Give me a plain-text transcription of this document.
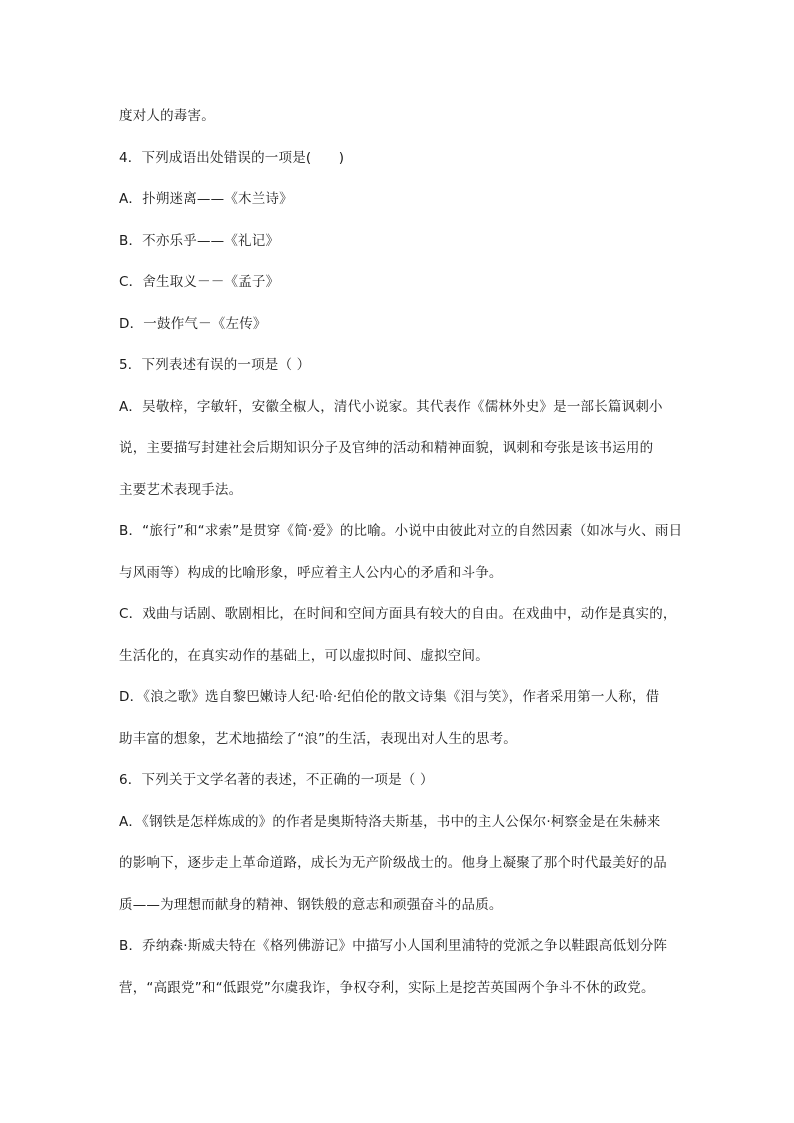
度对人的毒害。
4．下列成语出处错误的一项是(　　)
A．扑朔迷离——《木兰诗》
B．不亦乐乎——《礼记》
C．舍生取义－－《孟子》
D．一鼓作气－《左传》
5．下列表述有误的一项是（ ）
A．吴敬梓，字敏轩，安徽全椒人，清代小说家。其代表作《儒林外史》是一部长篇讽刺小
说，主要描写封建社会后期知识分子及官绅的活动和精神面貌，讽刺和夸张是该书运用的
主要艺术表现手法。
B．“旅行”和“求索”是贯穿《简·爱》的比喻。小说中由彼此对立的自然因素（如冰与火、雨日
与风雨等）构成的比喻形象，呼应着主人公内心的矛盾和斗争。
C．戏曲与话剧、歌剧相比，在时间和空间方面具有较大的自由。在戏曲中，动作是真实的，
生活化的，在真实动作的基础上，可以虚拟时间、虚拟空间。
D．《浪之歌》选自黎巴嫩诗人纪·哈·纪伯伦的散文诗集《泪与笑》，作者采用第一人称，借
助丰富的想象，艺术地描绘了“浪”的生活，表现出对人生的思考。
6．下列关于文学名著的表述，不正确的一项是（ ）
A．《钢铁是怎样炼成的》的作者是奥斯特洛夫斯基，书中的主人公保尔·柯察金是在朱赫来
的影响下，逐步走上革命道路，成长为无产阶级战士的。他身上凝聚了那个时代最美好的品
质——为理想而献身的精神、钢铁般的意志和顽强奋斗的品质。
B．乔纳森·斯威夫特在《格列佛游记》中描写小人国利里浦特的党派之争以鞋跟高低划分阵
营，“高跟党”和“低跟党”尔虞我诈，争权夺利，实际上是挖苦英国两个争斗不休的政党。
